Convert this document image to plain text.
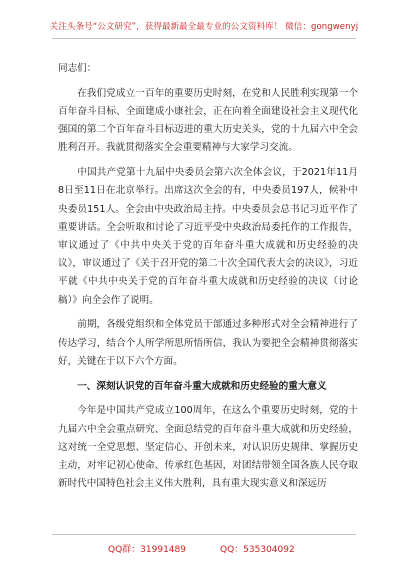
关注头条号“公文研究”，获得最新最全最专业的公文资料库！ 微信：gongwenyj

同志们：

在我们党成立一百年的重要历史时刻，在党和人民胜利实现第一个百年奋斗目标、全面建成小康社会，正在向着全面建设社会主义现代化强国的第二个百年奋斗目标迈进的重大历史关头，党的十九届六中全会胜利召开。我就贯彻落实全会重要精神与大家学习交流。

中国共产党第十九届中央委员会第六次全体会议，于2021年11月8日至11日在北京举行。出席这次全会的有，中央委员197人，候补中央委员151人。全会由中央政治局主持。中央委员会总书记习近平作了重要讲话。全会听取和讨论了习近平受中央政治局委托作的工作报告，审议通过了《中共中央关于党的百年奋斗重大成就和历史经验的决议》，审议通过了《关于召开党的第二十次全国代表大会的决议》，习近平就《中共中央关于党的百年奋斗重大成就和历史经验的决议（讨论稿）》向全会作了说明。

前期，各级党组织和全体党员干部通过多种形式对全会精神进行了传达学习，结合个人所学所思所悟所信，我认为要把全会精神贯彻落实好，关键在于以下六个方面。

一、深刻认识党的百年奋斗重大成就和历史经验的重大意义

今年是中国共产党成立100周年，在这么个重要历史时刻，党的十九届六中全会重点研究、全面总结党的百年奋斗重大成就和历史经验，这对统一全党思想、坚定信心、开创未来，对认识历史规律、掌握历史主动，对牢记初心使命、传承红色基因，对团结带领全国各族人民夺取新时代中国特色社会主义伟大胜利，具有重大现实意义和深远历

QQ群：31991489	QQ：535304092
